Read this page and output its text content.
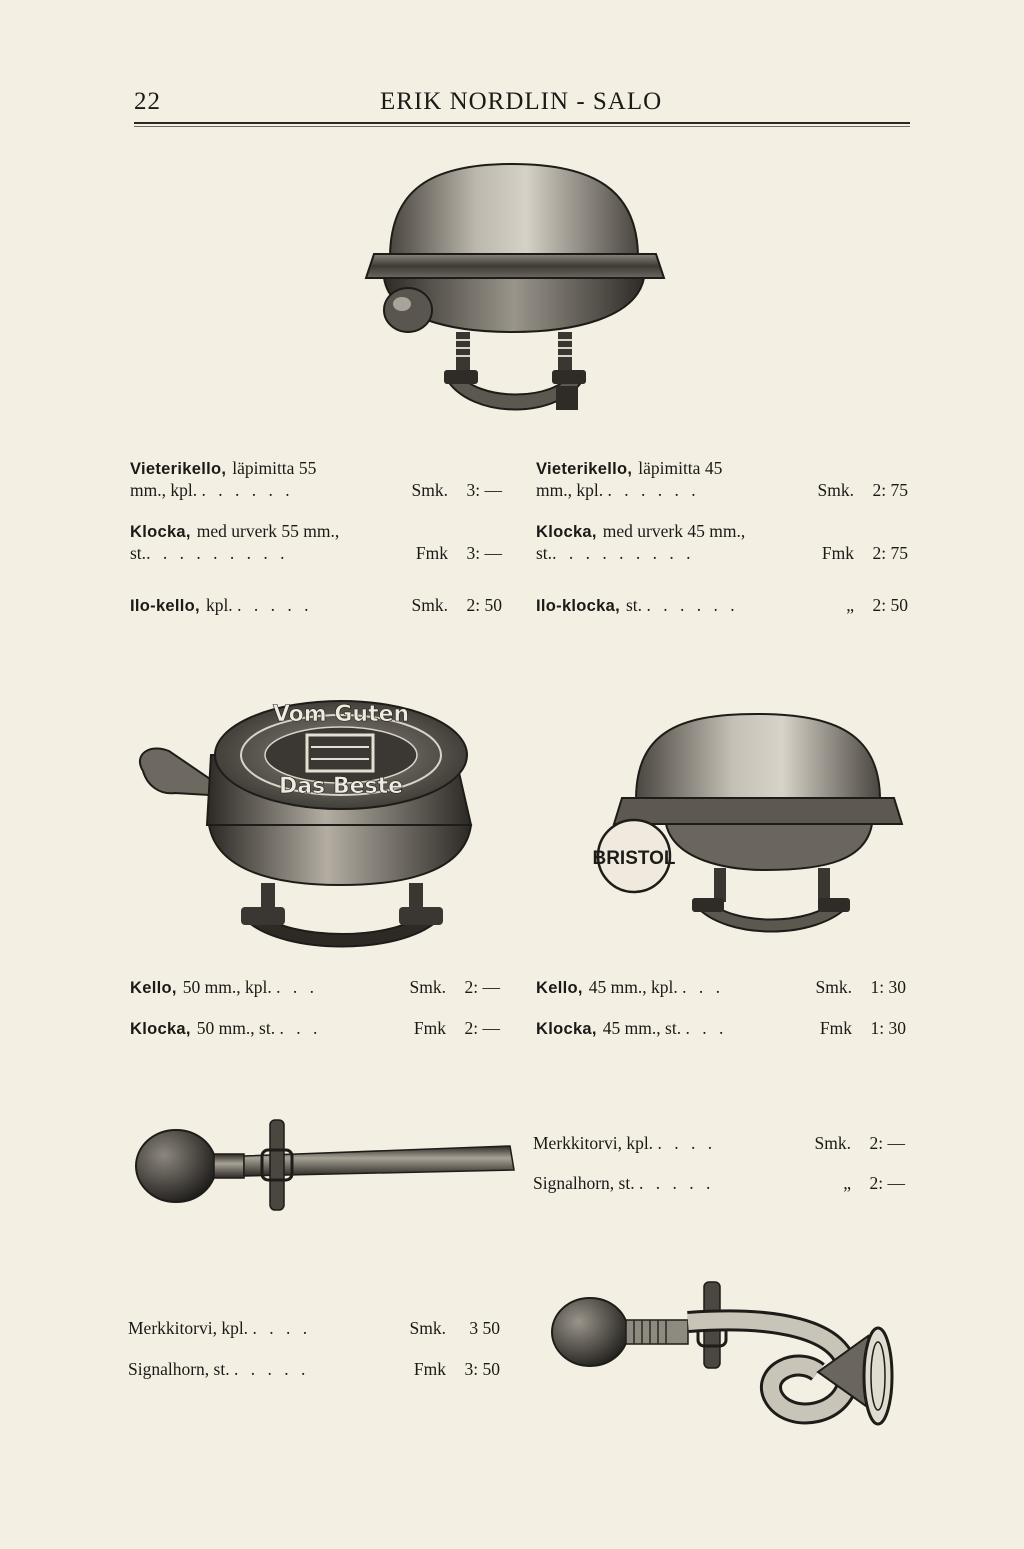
22	ERIK NORDLIN - SALO
Vieterikello, läpimitta 55
mm., kpl. . . . . . .	Smk. 3: —
Klocka, med urverk 55 mm.,
st.. . . . . . . . .	Fmk 3: —
Ilo-kello, kpl. . . . . .	Smk. 2: 50
Vieterikello, läpimitta 45
mm., kpl. . . . . . .	Smk. 2: 75
Klocka, med urverk 45 mm.,
st.. . . . . . . . .	Fmk 2: 75
Ilo-klocka, st. . . . . . .	„ 2: 50
Vom Guten
Das Beste
BRISTOL
Kello, 50 mm., kpl. . . .	Smk. 2: —
Klocka, 50 mm., st. . . .	Fmk 2: —
Kello, 45 mm., kpl. . . .	Smk. 1: 30
Klocka, 45 mm., st. . . .	Fmk 1: 30
Merkkitorvi, kpl. . . . .	Smk. 2: —
Signalhorn, st. . . . . .	„ 2: —
Merkkitorvi, kpl. . . . .	Smk. 3 50
Signalhorn, st. . . . . .	Fmk 3: 50
